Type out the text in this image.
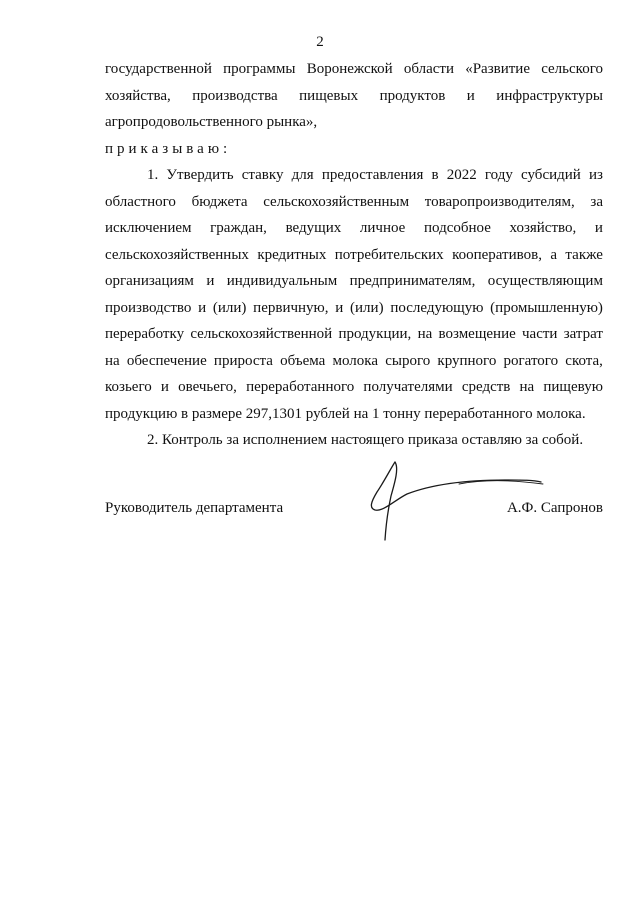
2
государственной программы Воронежской области «Развитие сельского
хозяйства, производства пищевых продуктов и инфраструктуры
агропродовольственного рынка»,
приказываю:
1. Утвердить ставку для предоставления в 2022 году субсидий из
областного бюджета сельскохозяйственным товаропроизводителям, за
исключением граждан, ведущих личное подсобное хозяйство, и
сельскохозяйственных кредитных потребительских кооперативов, а также
организациям и индивидуальным предпринимателям, осуществляющим
производство и (или) первичную, и (или) последующую (промышленную)
переработку сельскохозяйственной продукции, на возмещение части затрат
на обеспечение прироста объема молока сырого крупного рогатого скота,
козьего и овечьего, переработанного получателями средств на пищевую
продукцию в размере 297,1301 рублей на 1 тонну переработанного молока.
2. Контроль за исполнением настоящего приказа оставляю за собой.
Руководитель департамента	А.Ф. Сапронов
